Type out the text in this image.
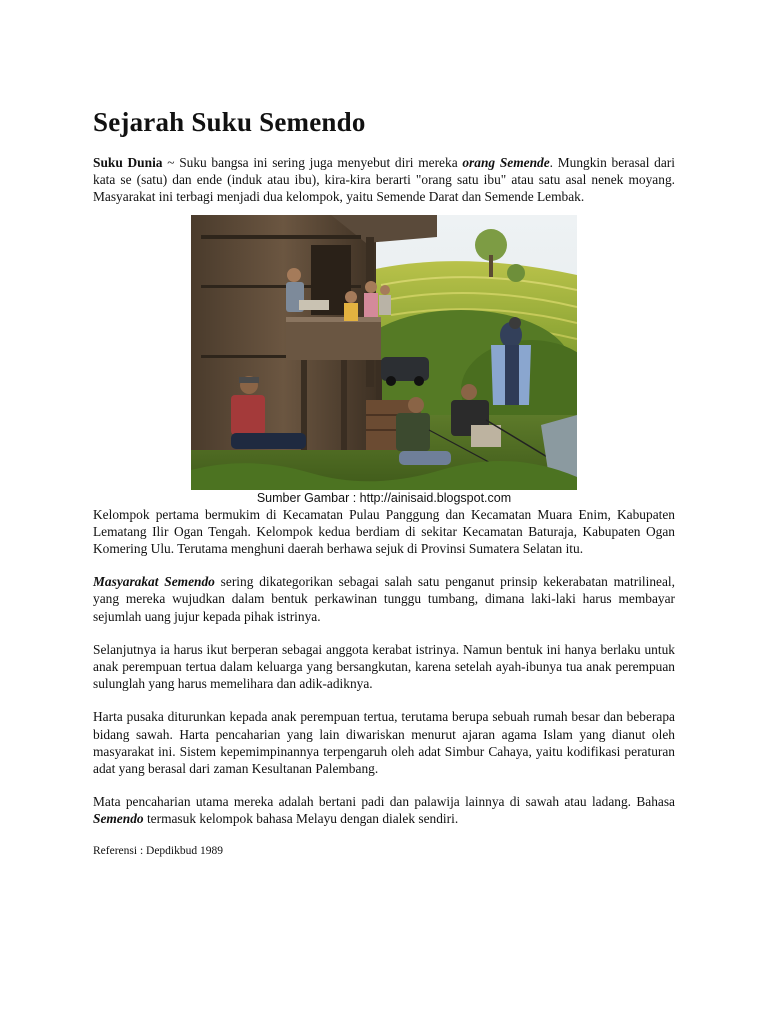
Sejarah Suku Semendo

Suku Dunia ~ Suku bangsa ini sering juga menyebut diri mereka orang Semende. Mungkin berasal dari kata se (satu) dan ende (induk atau ibu), kira-kira berarti "orang satu ibu" atau satu asal nenek moyang. Masyarakat ini terbagi menjadi dua kelompok, yaitu Semende Darat dan Semende Lembak.

Sumber Gambar : http://ainisaid.blogspot.com

Kelompok pertama bermukim di Kecamatan Pulau Panggung dan Kecamatan Muara Enim, Kabupaten Lematang Ilir Ogan Tengah. Kelompok kedua berdiam di sekitar Kecamatan Baturaja, Kabupaten Ogan Komering Ulu. Terutama menghuni daerah berhawa sejuk di Provinsi Sumatera Selatan itu.

Masyarakat Semendo sering dikategorikan sebagai salah satu penganut prinsip kekerabatan matrilineal, yang mereka wujudkan dalam bentuk perkawinan tunggu tumbang, dimana laki-laki harus membayar sejumlah uang jujur kepada pihak istrinya.

Selanjutnya ia harus ikut berperan sebagai anggota kerabat istrinya. Namun bentuk ini hanya berlaku untuk anak perempuan tertua dalam keluarga yang bersangkutan, karena setelah ayah-ibunya tua anak perempuan sulunglah yang harus memelihara dan adik-adiknya.

Harta pusaka diturunkan kepada anak perempuan tertua, terutama berupa sebuah rumah besar dan beberapa bidang sawah. Harta pencaharian yang lain diwariskan menurut ajaran agama Islam yang dianut oleh masyarakat ini. Sistem kepemimpinannya terpengaruh oleh adat Simbur Cahaya, yaitu kodifikasi peraturan adat yang berasal dari zaman Kesultanan Palembang.

Mata pencaharian utama mereka adalah bertani padi dan palawija lainnya di sawah atau ladang. Bahasa Semendo termasuk kelompok bahasa Melayu dengan dialek sendiri.

Referensi : Depdikbud 1989
